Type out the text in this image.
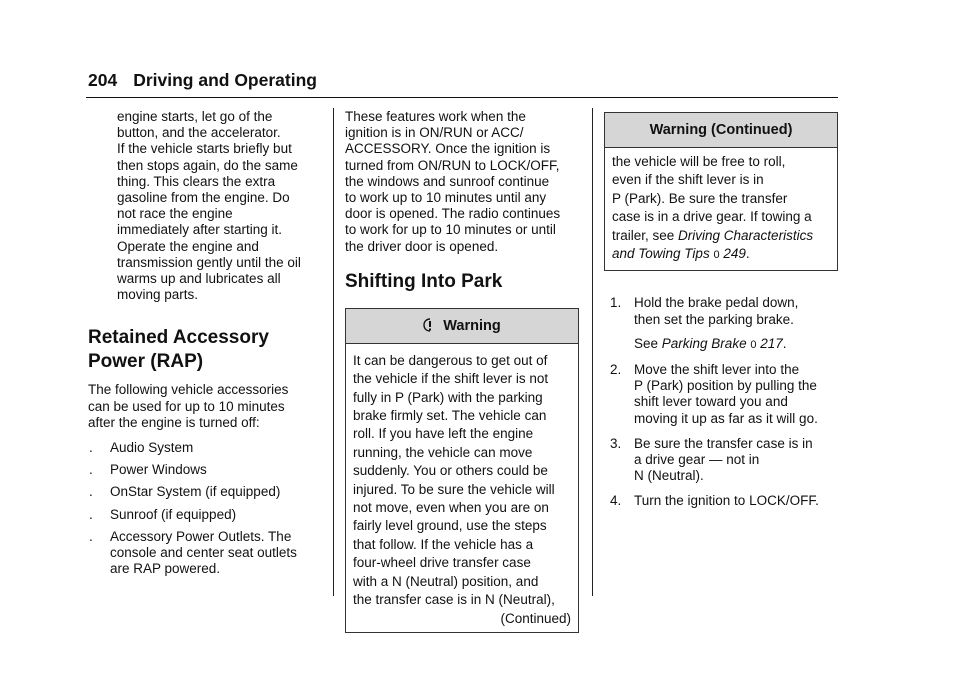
204 Driving and Operating

engine starts, let go of the

button, and the accelerator.

If the vehicle starts briefly but

then stops again, do the same

thing. This clears the extra

gasoline from the engine. Do

not race the engine

immediately after starting it.

Operate the engine and

transmission gently until the oil

warms up and lubricates all

moving parts.

Retained Accessory
Power (RAP)

The following vehicle accessories

can be used for up to 10 minutes

after the engine is turned off:

. Audio System
. Power Windows
. OnStar System (if equipped)
. Sunroof (if equipped)
. Accessory Power Outlets. The

console and center seat outlets

are RAP powered.

These features work when the

ignition is in ON/RUN or ACC/

ACCESSORY. Once the ignition is

turned from ON/RUN to LOCK/OFF,

the windows and sunroof continue

to work up to 10 minutes until any

door is opened. The radio continues

to work for up to 10 minutes or until

the driver door is opened.

Shifting Into Park
Warning

It can be dangerous to get out of

the vehicle if the shift lever is not

fully in P (Park) with the parking

brake firmly set. The vehicle can

roll. If you have left the engine

running, the vehicle can move

suddenly. You or others could be

injured. To be sure the vehicle will

not move, even when you are on

fairly level ground, use the steps

that follow. If the vehicle has a

four-wheel drive transfer case

with a N (Neutral) position, and

the transfer case is in N (Neutral),

(Continued)

Warning (Continued)

the vehicle will be free to roll,

even if the shift lever is in

P (Park). Be sure the transfer

case is in a drive gear. If towing a

trailer, see Driving Characteristics

and Towing Tips 0 249.

1. Hold the brake pedal down,

then set the parking brake.

See Parking Brake 0 217.

2. Move the shift lever into the

P (Park) position by pulling the

shift lever toward you and

moving it up as far as it will go.

3. Be sure the transfer case is in

a drive gear — not in

N (Neutral).

4. Turn the ignition to LOCK/OFF.
